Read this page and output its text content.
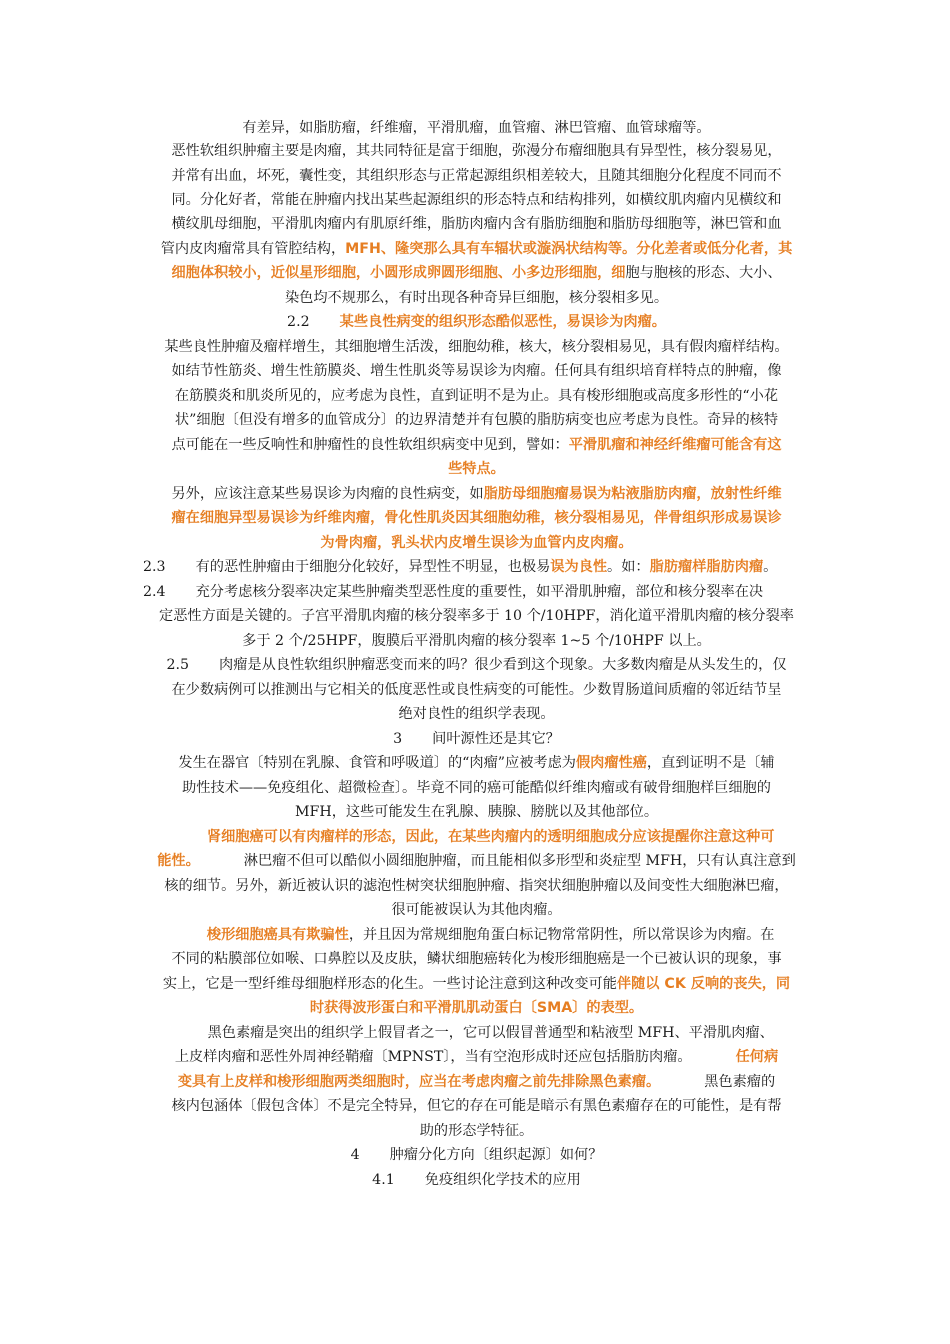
有差异，如脂肪瘤，纤维瘤，平滑肌瘤，血管瘤、淋巴管瘤、血管球瘤等。
恶性软组织肿瘤主要是肉瘤，其共同特征是富于细胞，弥漫分布瘤细胞具有异型性，核分裂易见，
并常有出血，坏死，囊性变，其组织形态与正常起源组织相差较大，且随其细胞分化程度不同而不
同。分化好者，常能在肿瘤内找出某些起源组织的形态特点和结构排列，如横纹肌肉瘤内见横纹和
横纹肌母细胞，平滑肌肉瘤内有肌原纤维，脂肪肉瘤内含有脂肪细胞和脂肪母细胞等，淋巴管和血
管内皮肉瘤常具有管腔结构，MFH、隆突那么具有车辐状或漩涡状结构等。分化差者或低分化者，其
细胞体积较小，近似星形细胞，小圆形成卵圆形细胞、小多边形细胞，细胞与胞核的形态、大小、
染色均不规那么，有时出现各种奇异巨细胞，核分裂相多见。
2.2 某些良性病变的组织形态酷似恶性，易误诊为肉瘤。
某些良性肿瘤及瘤样增生，其细胞增生活泼，细胞幼稚，核大，核分裂相易见，具有假肉瘤样结构。
如结节性筋炎、增生性筋膜炎、增生性肌炎等易误诊为肉瘤。任何具有组织培育样特点的肿瘤，像
在筋膜炎和肌炎所见的，应考虑为良性，直到证明不是为止。具有梭形细胞或高度多形性的“小花
状”细胞〔但没有增多的血管成分〕的边界清楚并有包膜的脂肪病变也应考虑为良性。奇异的核特
点可能在一些反响性和肿瘤性的良性软组织病变中见到，譬如：平滑肌瘤和神经纤维瘤可能含有这
些特点。
另外，应该注意某些易误诊为肉瘤的良性病变，如脂肪母细胞瘤易误为粘液脂肪肉瘤，放射性纤维
瘤在细胞异型易误诊为纤维肉瘤，骨化性肌炎因其细胞幼稚，核分裂相易见，伴骨组织形成易误诊
为骨肉瘤，乳头状内皮增生误诊为血管内皮肉瘤。
2.3 有的恶性肿瘤由于细胞分化较好，异型性不明显，也极易误为良性。如：脂肪瘤样脂肪肉瘤。
2.4 充分考虑核分裂率决定某些肿瘤类型恶性度的重要性，如平滑肌肿瘤，部位和核分裂率在决
定恶性方面是关键的。子宫平滑肌肉瘤的核分裂率多于 10 个/10HPF，消化道平滑肌肉瘤的核分裂率
多于 2 个/25HPF，腹膜后平滑肌肉瘤的核分裂率 1~5 个/10HPF 以上。
2.5 肉瘤是从良性软组织肿瘤恶变而来的吗？很少看到这个现象。大多数肉瘤是从头发生的，仅
在少数病例可以推测出与它相关的低度恶性或良性病变的可能性。少数胃肠道间质瘤的邻近结节呈
绝对良性的组织学表现。
3 间叶源性还是其它？
发生在器官〔特别在乳腺、食管和呼吸道〕的“肉瘤”应被考虑为假肉瘤性癌，直到证明不是〔辅
助性技术——免疫组化、超微检查〕。毕竟不同的癌可能酷似纤维肉瘤或有破骨细胞样巨细胞的
MFH，这些可能发生在乳腺、胰腺、膀胱以及其他部位。
　　肾细胞癌可以有肉瘤样的形态，因此，在某些肉瘤内的透明细胞成分应该提醒你注意这种可
能性。	淋巴瘤不但可以酷似小圆细胞肿瘤，而且能相似多形型和炎症型 MFH，只有认真注意到
核的细节。另外，新近被认识的滤泡性树突状细胞肿瘤、指突状细胞肿瘤以及间变性大细胞淋巴瘤，
很可能被误认为其他肉瘤。
　　梭形细胞癌具有欺骗性，并且因为常规细胞角蛋白标记物常常阴性，所以常误诊为肉瘤。在
不同的粘膜部位如喉、口鼻腔以及皮肤，鳞状细胞癌转化为梭形细胞癌是一个已被认识的现象，事
实上，它是一型纤维母细胞样形态的化生。一些讨论注意到这种改变可能伴随以 CK 反响的丧失，同
时获得波形蛋白和平滑肌肌动蛋白〔SMA〕的表型。
　　黑色素瘤是突出的组织学上假冒者之一，它可以假冒普通型和粘液型 MFH、平滑肌肉瘤、
上皮样肉瘤和恶性外周神经鞘瘤〔MPNST〕，当有空泡形成时还应包括脂肪肉瘤。	任何病
变具有上皮样和梭形细胞两类细胞时，应当在考虑肉瘤之前先排除黑色素瘤。	黑色素瘤的
核内包涵体〔假包含体〕不是完全特异，但它的存在可能是暗示有黑色素瘤存在的可能性，是有帮
助的形态学特征。
4 肿瘤分化方向〔组织起源〕如何？
4.1 免疫组织化学技术的应用
